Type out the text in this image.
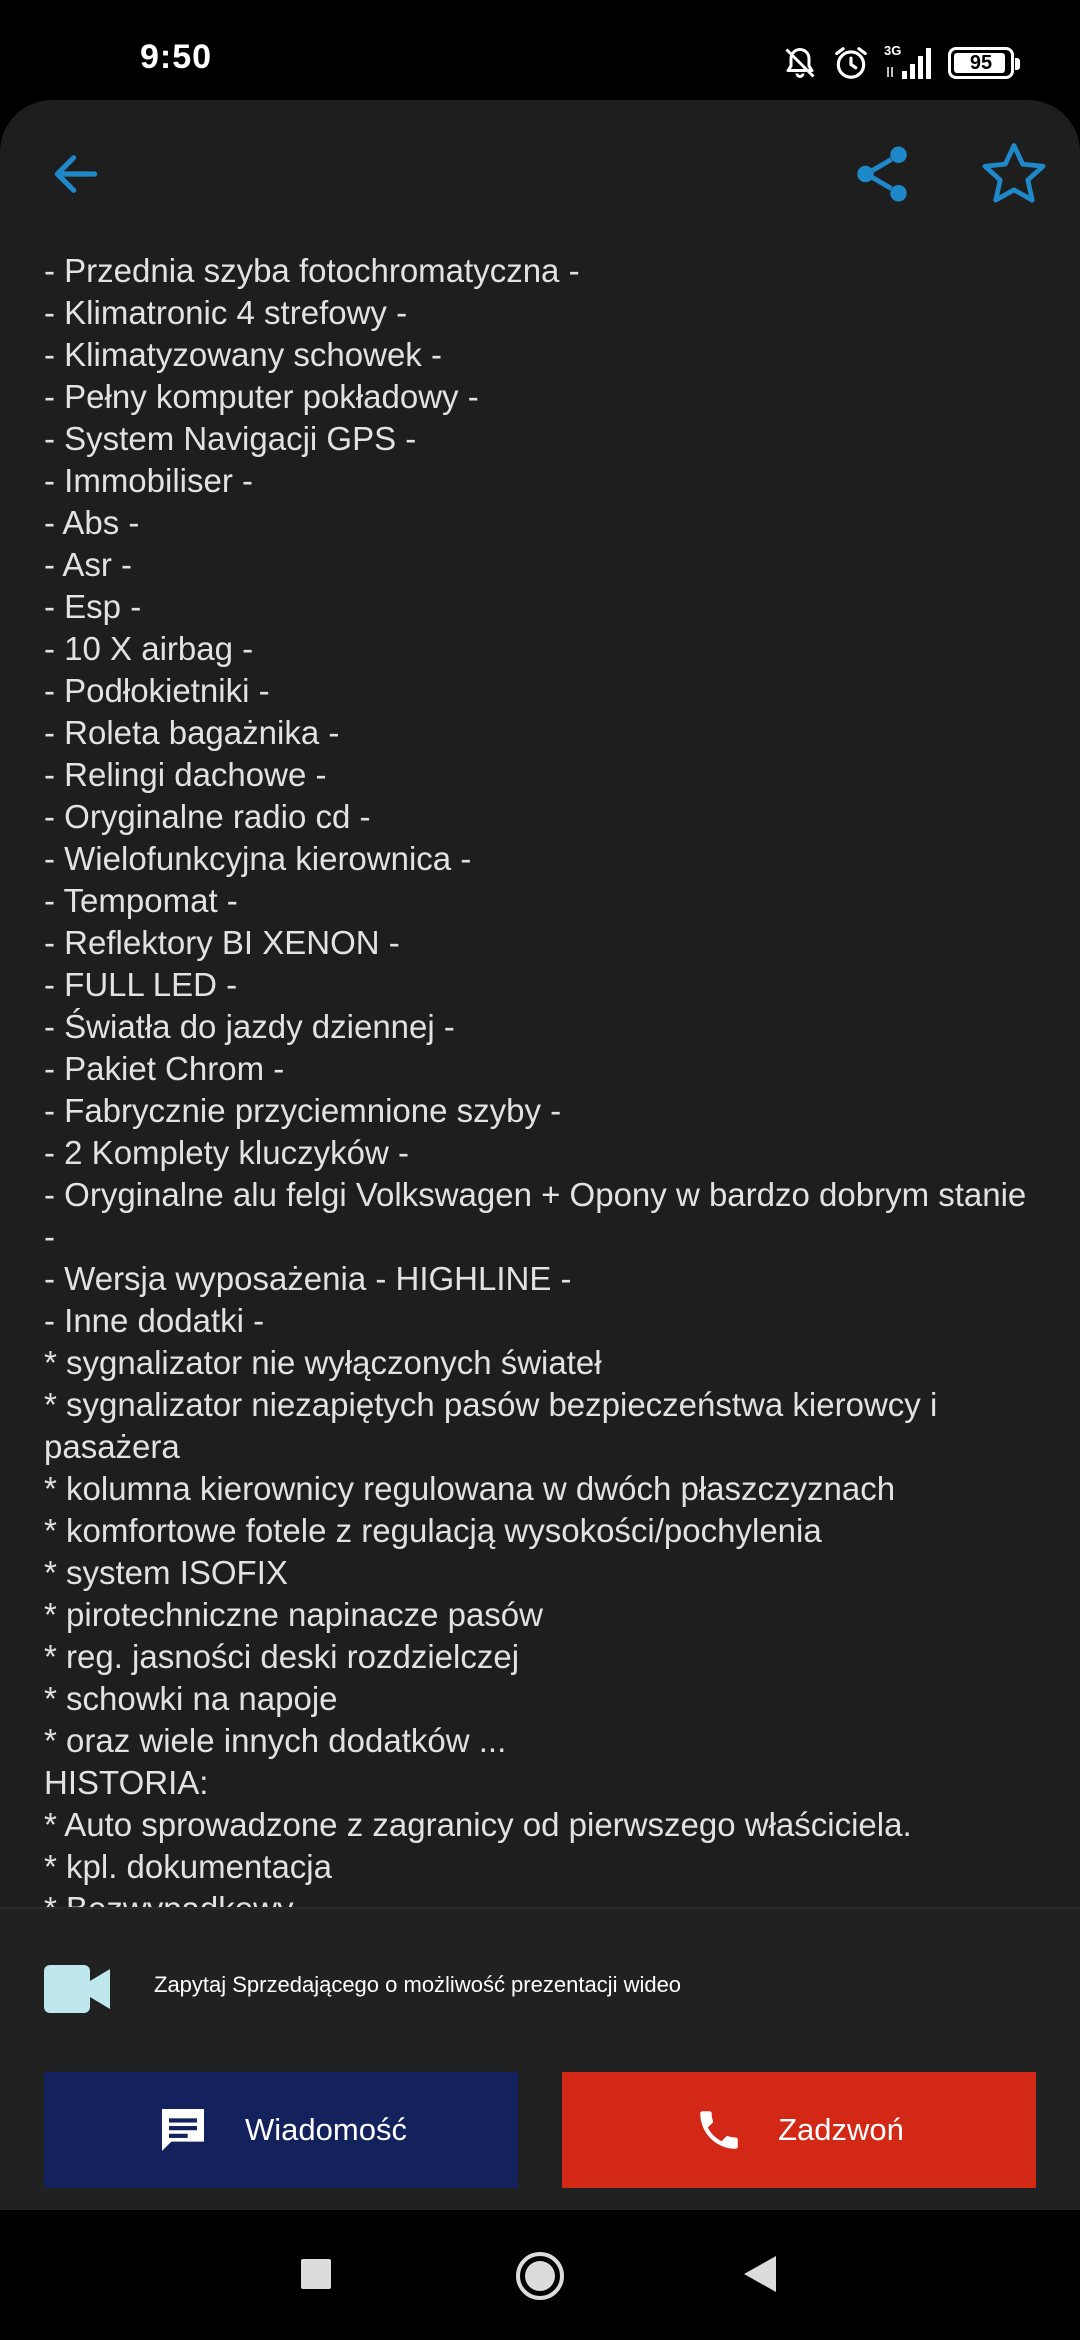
9:50	3G
95

- Przednia szyba fotochromatyczna -

- Klimatronic 4 strefowy -

- Klimatyzowany schowek -

- Pełny komputer pokładowy -

- System Navigacji GPS -

- Immobiliser -

- Abs -

- Asr -

- Esp -

- 10 X airbag -

- Podłokietniki -

- Roleta bagażnika -

- Relingi dachowe -

- Oryginalne radio cd -

- Wielofunkcyjna kierownica -

- Tempomat -

- Reflektory BI XENON -

- FULL LED -

- Światła do jazdy dziennej -

- Pakiet Chrom -

- Fabrycznie przyciemnione szyby -

- 2 Komplety kluczyków -

- Oryginalne alu felgi Volkswagen + Opony w bardzo dobrym stanie -

- Wersja wyposażenia - HIGHLINE -

- Inne dodatki -

* sygnalizator nie wyłączonych świateł

* sygnalizator niezapiętych pasów bezpieczeństwa kierowcy i pasażera

* kolumna kierownicy regulowana w dwóch płaszczyznach

* komfortowe fotele z regulacją wysokości/pochylenia

* system ISOFIX

* pirotechniczne napinacze pasów

* reg. jasności deski rozdzielczej

* schowki na napoje

* oraz wiele innych dodatków ...

HISTORIA:

* Auto sprowadzone z zagranicy od pierwszego właściciela.

* kpl. dokumentacja

Zapytaj Sprzedającego o możliwość prezentacji wideo
Wiadomość	Zadzwoń
